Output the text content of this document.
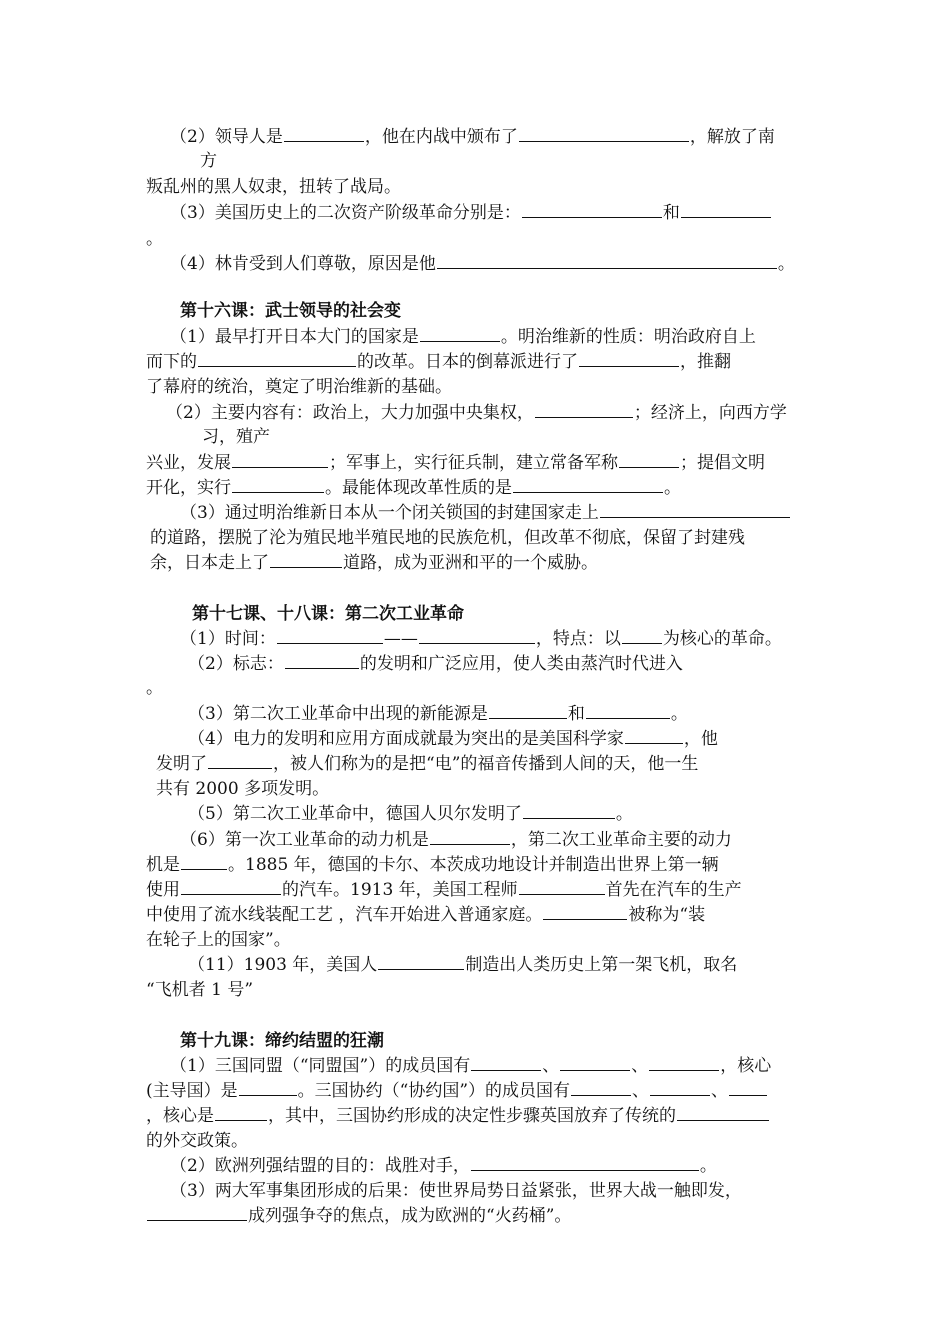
（2）领导人是	，他在内战中颁布了	，解放了南
方
叛乱州的黑人奴隶，扭转了战局。
（3）美国历史上的二次资产阶级革命分别是：	和
。
（4）林肯受到人们尊敬，原因是他	。
第十六课：武士领导的社会变
（1）最早打开日本大门的国家是	。明治维新的性质：明治政府自上
而下的	的改革。日本的倒幕派进行了	，推翻
了幕府的统治，奠定了明治维新的基础。
（2）主要内容有：政治上，大力加强中央集权，	；经济上，向西方学
习，殖产
兴业，发展	；军事上，实行征兵制，建立常备军称	；提倡文明
开化，实行	。最能体现改革性质的是	。
（3）通过明治维新日本从一个闭关锁国的封建国家走上
的道路，摆脱了沦为殖民地半殖民地的民族危机，但改革不彻底，保留了封建残
余，日本走上了	道路，成为亚洲和平的一个威胁。
第十七课、十八课：第二次工业革命
（1）时间：	——	，特点：以 为核心的革命。
（2）标志：	的发明和广泛应用，使人类由蒸汽时代进入
。
（3）第二次工业革命中出现的新能源是	和	。
（4）电力的发明和应用方面成就最为突出的是美国科学家	，他
发明了	，被人们称为的是把“电”的福音传播到人间的天，他一生
共有 2000 多项发明。
（5）第二次工业革命中，德国人贝尔发明了	。
（6）第一次工业革命的动力机是	，第二次工业革命主要的动力
机是	。1885 年，德国的卡尔、本茨成功地设计并制造出世界上第一辆
使用	的汽车。1913 年，美国工程师	首先在汽车的生产
中使用了流水线装配工艺 ，汽车开始进入普通家庭。	被称为“装
在轮子上的国家”。
（11）1903 年，美国人	制造出人类历史上第一架飞机，取名
“飞机者 1 号”
第十九课：缔约结盟的狂潮
（1）三国同盟（“同盟国”）的成员国有	、	、	，核心
(主导国）是	。三国协约（“协约国”）的成员国有	、	、
，核心是	，其中，三国协约形成的决定性步骤英国放弃了传统的
的外交政策。
（2）欧洲列强结盟的目的：战胜对手，	。
（3）两大军事集团形成的后果：使世界局势日益紧张，世界大战一触即发，
成列强争夺的焦点，成为欧洲的“火药桶”。
